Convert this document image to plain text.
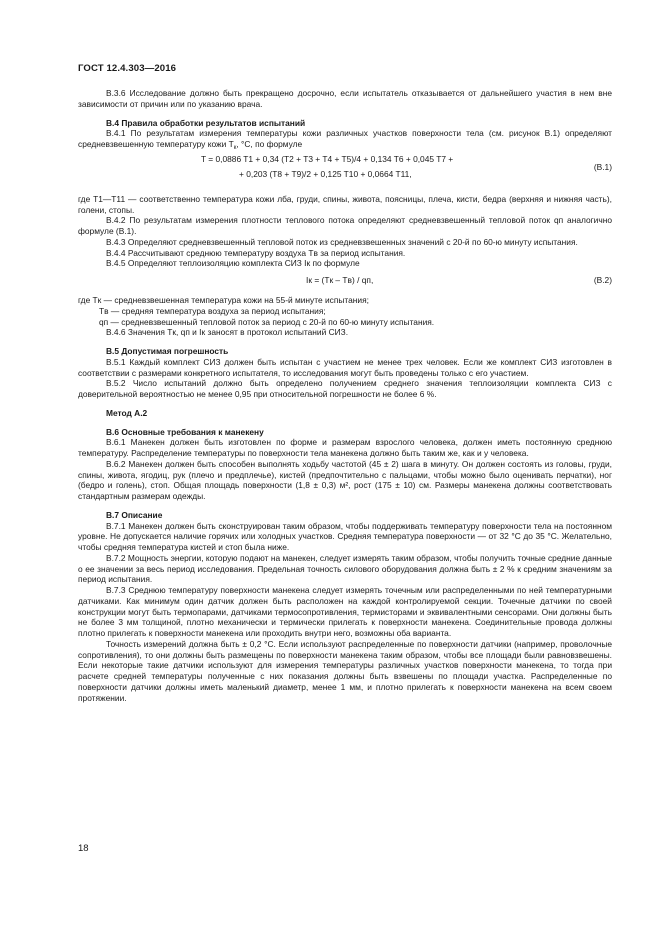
ГОСТ 12.4.303—2016

В.3.6 Исследование должно быть прекращено досрочно, если испытатель отказывается от дальнейшего участия в нем вне зависимости от причин или по указанию врача.

В.4 Правила обработки результатов испытаний

В.4.1 По результатам измерения температуры кожи различных участков поверхности тела (см. рисунок В.1) определяют средневзвешенную температуру кожи $T_к$, °C, по формуле

T = 0,0886 T1 + 0,34 (T2 + T3 + T4 + T5)/4 + 0,134 T6 + 0,045 T7 +
+ 0,203 (T8 + T9)/2 + 0,125 T10 + 0,0664 T11,
(В.1)

где T1—T11 — соответственно температура кожи лба, груди, спины, живота, поясницы, плеча, кисти, бедра (верхняя и нижняя часть), голени, стопы.

В.4.2 По результатам измерения плотности теплового потока определяют средневзвешенный тепловой поток qп аналогично формуле (В.1).

В.4.3 Определяют средневзвешенный тепловой поток из средневзвешенных значений с 20-й по 60-ю минуту испытания.

В.4.4 Рассчитывают среднюю температуру воздуха Tв за период испытания.

В.4.5 Определяют теплоизоляцию комплекта СИЗ Iк по формуле

Iк = (Tк – Tв) / qп,	(В.2)

где Tк — средневзвешенная температура кожи на 55-й минуте испытания;

Tв — средняя температура воздуха за период испытания;

qп — средневзвешенный тепловой поток за период с 20-й по 60-ю минуту испытания.

В.4.6 Значения Tк, qп и Iк заносят в протокол испытаний СИЗ.

В.5 Допустимая погрешность

В.5.1 Каждый комплект СИЗ должен быть испытан с участием не менее трех человек. Если же комплект СИЗ изготовлен в соответствии с размерами конкретного испытателя, то исследования могут быть проведены только с его участием.

В.5.2 Число испытаний должно быть определено получением среднего значения теплоизоляции комплекта СИЗ с доверительной вероятностью не менее 0,95 при относительной погрешности не более 6 %.

Метод А.2

В.6 Основные требования к манекену

В.6.1 Манекен должен быть изготовлен по форме и размерам взрослого человека, должен иметь постоянную среднюю температуру. Распределение температуры по поверхности тела манекена должно быть таким же, как и у человека.

В.6.2 Манекен должен быть способен выполнять ходьбу частотой (45 ± 2) шага в минуту. Он должен состоять из головы, груди, спины, живота, ягодиц, рук (плечо и предплечье), кистей (предпочтительно с пальцами, чтобы можно было оценивать перчатки), ног (бедро и голень), стоп. Общая площадь поверхности (1,8 ± 0,3) м², рост (175 ± 10) см. Размеры манекена должны соответствовать стандартным размерам одежды.

В.7 Описание

В.7.1 Манекен должен быть сконструирован таким образом, чтобы поддерживать температуру поверхности тела на постоянном уровне. Не допускается наличие горячих или холодных участков. Средняя температура поверхности — от 32 °C до 35 °C. Желательно, чтобы средняя температура кистей и стоп была ниже.

В.7.2 Мощность энергии, которую подают на манекен, следует измерять таким образом, чтобы получить точные средние данные о ее значении за весь период исследования. Предельная точность силового оборудования должна быть ± 2 % к средним значениям за период испытания.

В.7.3 Среднюю температуру поверхности манекена следует измерять точечным или распределенными по ней температурными датчиками. Как минимум один датчик должен быть расположен на каждой контролируемой секции. Точечные датчики по своей конструкции могут быть термопарами, датчиками термосопротивления, термисторами и эквивалентными сенсорами. Они должны быть не более 3 мм толщиной, плотно механически и термически прилегать к поверхности манекена. Соединительные провода должны плотно прилегать к поверхности манекена или проходить внутри него, возможны оба варианта.

Точность измерений должна быть ± 0,2 °C. Если используют распределенные по поверхности датчики (например, проволочные сопротивления), то они должны быть размещены по поверхности манекена таким образом, чтобы все площади были равновзвешены. Если некоторые такие датчики используют для измерения температуры различных участков поверхности манекена, то тогда при расчете средней температуры полученные с них показания должны быть взвешены по площади участка. Распределенные по поверхности датчики должны иметь маленький диаметр, менее 1 мм, и плотно прилегать к поверхности манекена на всем своем протяжении.

18
